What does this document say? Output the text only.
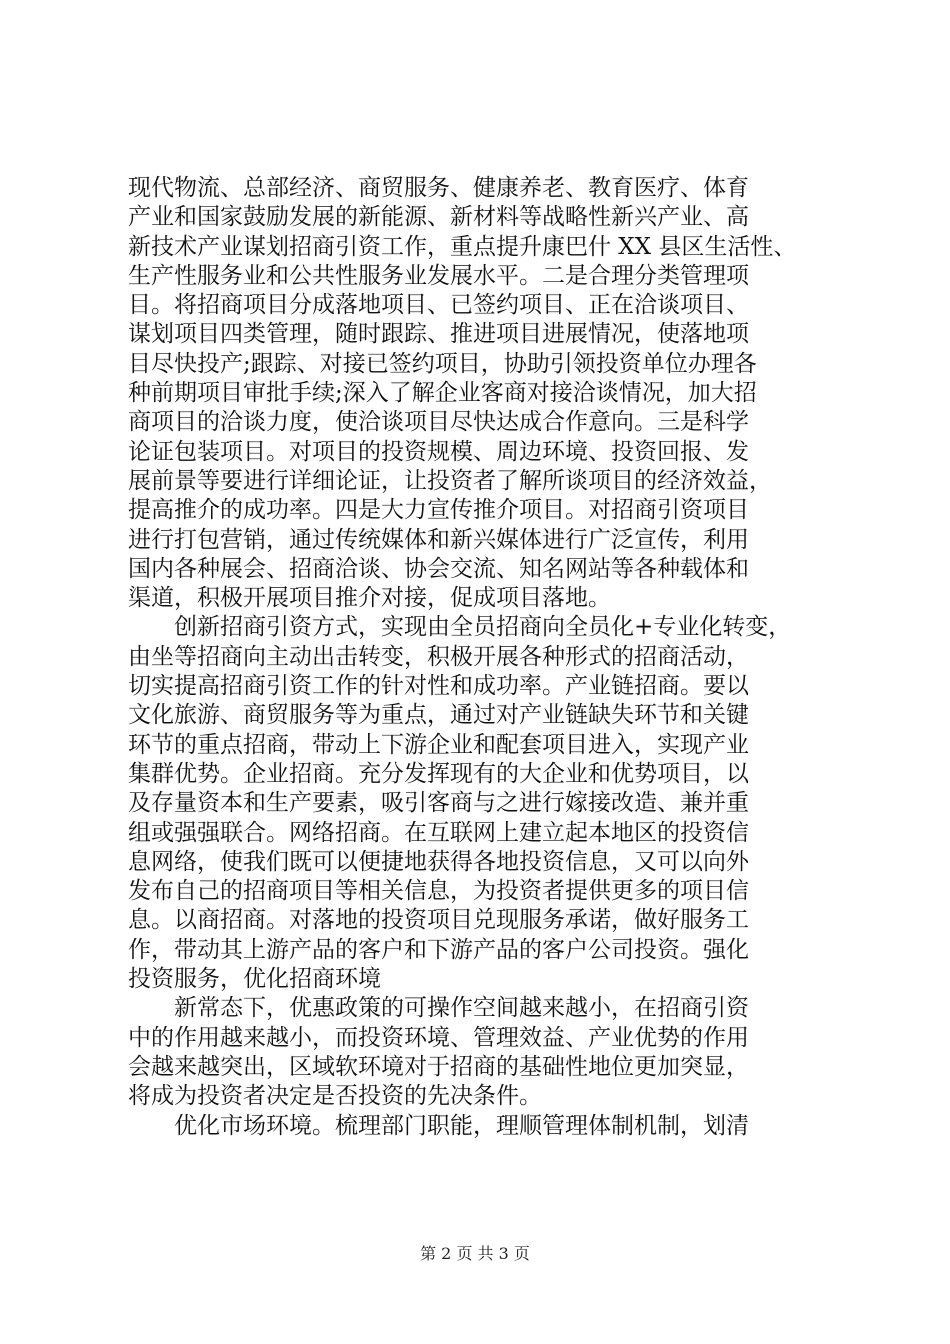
现代物流、总部经济、商贸服务、健康养老、教育医疗、体育
产业和国家鼓励发展的新能源、新材料等战略性新兴产业、高
新技术产业谋划招商引资工作，重点提升康巴什 XX 县区生活性、
生产性服务业和公共性服务业发展水平。二是合理分类管理项
目。将招商项目分成落地项目、已签约项目、正在洽谈项目、
谋划项目四类管理，随时跟踪、推进项目进展情况，使落地项
目尽快投产;跟踪、对接已签约项目，协助引领投资单位办理各
种前期项目审批手续;深入了解企业客商对接洽谈情况，加大招
商项目的洽谈力度，使洽谈项目尽快达成合作意向。三是科学
论证包装项目。对项目的投资规模、周边环境、投资回报、发
展前景等要进行详细论证，让投资者了解所谈项目的经济效益，
提高推介的成功率。四是大力宣传推介项目。对招商引资项目
进行打包营销，通过传统媒体和新兴媒体进行广泛宣传，利用
国内各种展会、招商洽谈、协会交流、知名网站等各种载体和
渠道，积极开展项目推介对接，促成项目落地。
创新招商引资方式，实现由全员招商向全员化+专业化转变，
由坐等招商向主动出击转变，积极开展各种形式的招商活动，
切实提高招商引资工作的针对性和成功率。产业链招商。要以
文化旅游、商贸服务等为重点，通过对产业链缺失环节和关键
环节的重点招商，带动上下游企业和配套项目进入，实现产业
集群优势。企业招商。充分发挥现有的大企业和优势项目，以
及存量资本和生产要素，吸引客商与之进行嫁接改造、兼并重
组或强强联合。网络招商。在互联网上建立起本地区的投资信
息网络，使我们既可以便捷地获得各地投资信息，又可以向外
发布自己的招商项目等相关信息，为投资者提供更多的项目信
息。以商招商。对落地的投资项目兑现服务承诺，做好服务工
作，带动其上游产品的客户和下游产品的客户公司投资。强化
投资服务，优化招商环境
新常态下，优惠政策的可操作空间越来越小，在招商引资
中的作用越来越小，而投资环境、管理效益、产业优势的作用
会越来越突出，区域软环境对于招商的基础性地位更加突显，
将成为投资者决定是否投资的先决条件。
优化市场环境。梳理部门职能，理顺管理体制机制，划清
第 2 页 共 3 页
